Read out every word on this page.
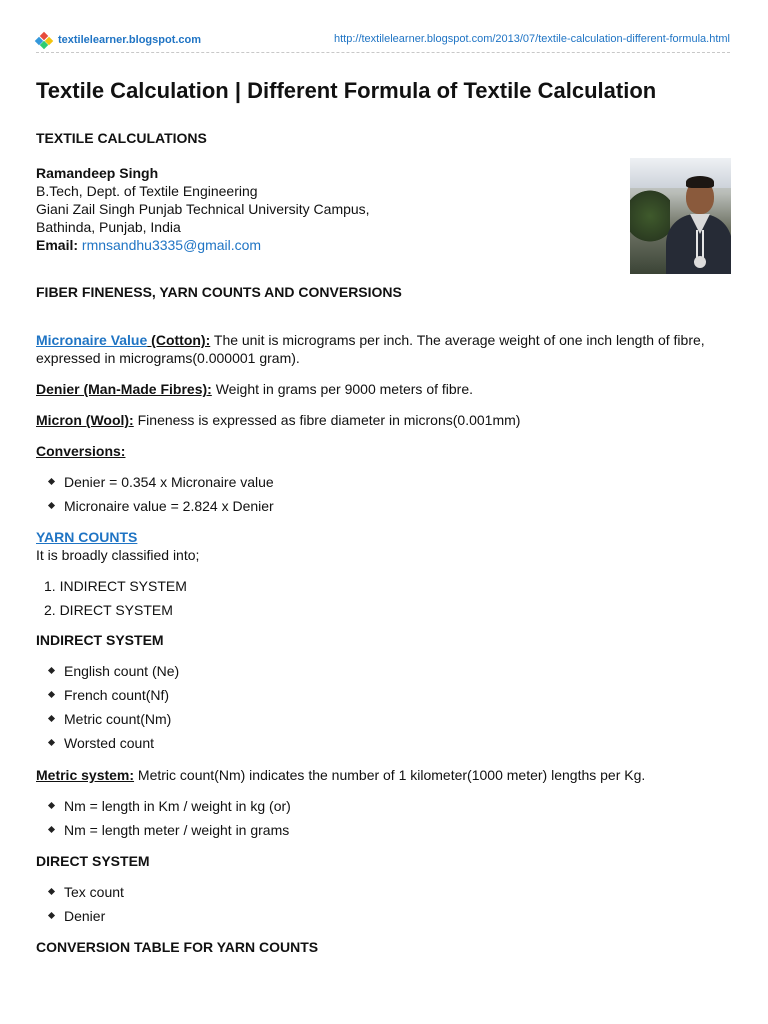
textilelearner.blogspot.com	http://textilelearner.blogspot.com/2013/07/textile-calculation-different-formula.html
Textile Calculation | Different Formula of Textile Calculation
TEXTILE CALCULATIONS
Ramandeep Singh
B.Tech, Dept. of Textile Engineering
Giani Zail Singh Punjab Technical University Campus,
Bathinda, Punjab, India
Email: rmnsandhu3335@gmail.com
FIBER FINENESS, YARN COUNTS AND CONVERSIONS
Micronaire Value (Cotton): The unit is micrograms per inch. The average weight of one inch length of fibre,
expressed in micrograms(0.000001 gram).
Denier (Man-Made Fibres): Weight in grams per 9000 meters of fibre.
Micron (Wool): Fineness is expressed as fibre diameter in microns(0.001mm)
Conversions:
Denier = 0.354 x Micronaire value
Micronaire value = 2.824 x Denier
YARN COUNTS
It is broadly classified into;
1. INDIRECT SYSTEM
2. DIRECT SYSTEM
INDIRECT SYSTEM
English count (Ne)
French count(Nf)
Metric count(Nm)
Worsted count
Metric system: Metric count(Nm) indicates the number of 1 kilometer(1000 meter) lengths per Kg.
Nm = length in Km / weight in kg (or)
Nm = length meter / weight in grams
DIRECT SYSTEM
Tex count
Denier
CONVERSION TABLE FOR YARN COUNTS
